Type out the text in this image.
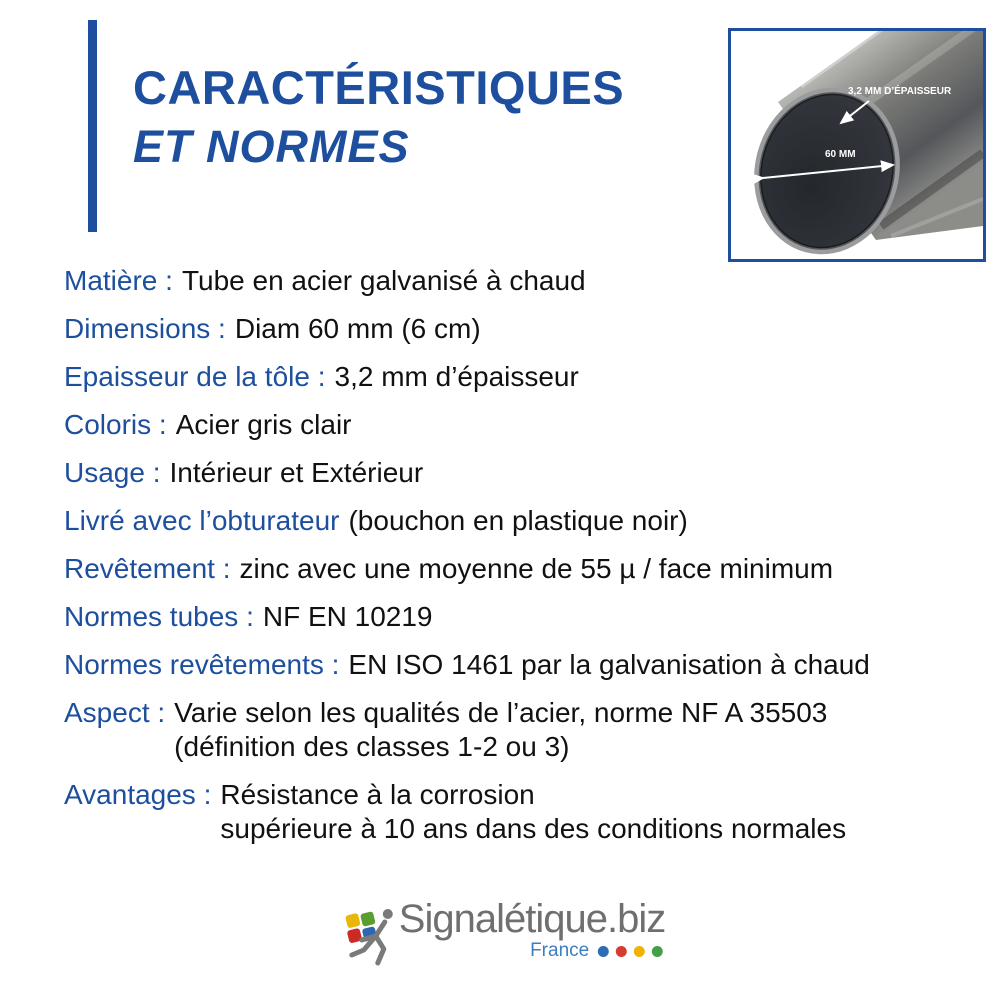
CARACTÉRISTIQUES
ET NORMES
3,2 MM D’ÉPAISSEUR
60 MM
Matière : Tube en acier galvanisé à chaud
Dimensions : Diam 60 mm (6 cm)
Epaisseur de la tôle : 3,2 mm d’épaisseur
Coloris : Acier gris clair
Usage : Intérieur et Extérieur
Livré avec l’obturateur (bouchon en plastique noir)
Revêtement : zinc avec une moyenne de 55 µ / face minimum
Normes tubes : NF EN 10219
Normes revêtements : EN ISO 1461 par la galvanisation à chaud
Aspect : Varie selon les qualités de l’acier, norme NF A 35503
(définition des classes 1-2 ou 3)
Avantages : Résistance à la corrosion
supérieure à 10 ans dans des conditions normales
Signalétique.biz
France
